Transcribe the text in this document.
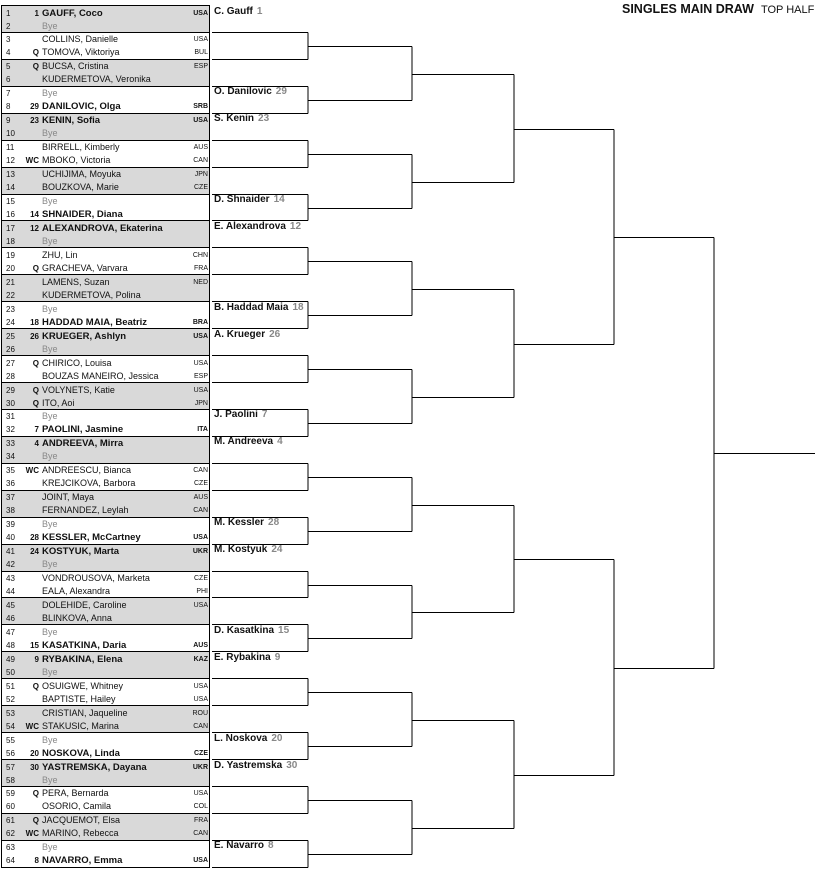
SINGLES MAIN DRAW TOP HALF
1	1 GAUFF, Coco	USA
2	Bye
3	COLLINS, Danielle	USA
4	Q TOMOVA, Viktoriya	BUL
5	Q BUCSA, Cristina	ESP
6	KUDERMETOVA, Veronika
7	Bye
8	29 DANILOVIC, Olga	SRB
9	23 KENIN, Sofia	USA
10	Bye
11	BIRRELL, Kimberly	AUS
12	WC MBOKO, Victoria	CAN
13	UCHIJIMA, Moyuka	JPN
14	BOUZKOVA, Marie	CZE
15	Bye
16	14 SHNAIDER, Diana
17	12 ALEXANDROVA, Ekaterina
18	Bye
19	ZHU, Lin	CHN
20	Q GRACHEVA, Varvara	FRA
21	LAMENS, Suzan	NED
22	KUDERMETOVA, Polina
23	Bye
24	18 HADDAD MAIA, Beatriz	BRA
25	26 KRUEGER, Ashlyn	USA
26	Bye
27	Q CHIRICO, Louisa	USA
28	BOUZAS MANEIRO, Jessica	ESP
29	Q VOLYNETS, Katie	USA
30	Q ITO, Aoi	JPN
31	Bye
32	7 PAOLINI, Jasmine	ITA
33	4 ANDREEVA, Mirra
34	Bye
35	WC ANDREESCU, Bianca	CAN
36	KREJCIKOVA, Barbora	CZE
37	JOINT, Maya	AUS
38	FERNANDEZ, Leylah	CAN
39	Bye
40	28 KESSLER, McCartney	USA
41	24 KOSTYUK, Marta	UKR
42	Bye
43	VONDROUSOVA, Marketa	CZE
44	EALA, Alexandra	PHI
45	DOLEHIDE, Caroline	USA
46	BLINKOVA, Anna
47	Bye
48	15 KASATKINA, Daria	AUS
49	9 RYBAKINA, Elena	KAZ
50	Bye
51	Q OSUIGWE, Whitney	USA
52	BAPTISTE, Hailey	USA
53	CRISTIAN, Jaqueline	ROU
54	WC STAKUSIC, Marina	CAN
55	Bye
56	20 NOSKOVA, Linda	CZE
57	30 YASTREMSKA, Dayana	UKR
58	Bye
59	Q PERA, Bernarda	USA
60	OSORIO, Camila	COL
61	Q JACQUEMOT, Elsa	FRA
62	WC MARINO, Rebecca	CAN
63	Bye
64	8 NAVARRO, Emma	USA
C. Gauff 1
O. Danilovic 29
S. Kenin 23
D. Shnaider 14
E. Alexandrova 12
B. Haddad Maia 18
A. Krueger 26
J. Paolini 7
M. Andreeva 4
M. Kessler 28
M. Kostyuk 24
D. Kasatkina 15
E. Rybakina 9
L. Noskova 20
D. Yastremska 30
E. Navarro 8
